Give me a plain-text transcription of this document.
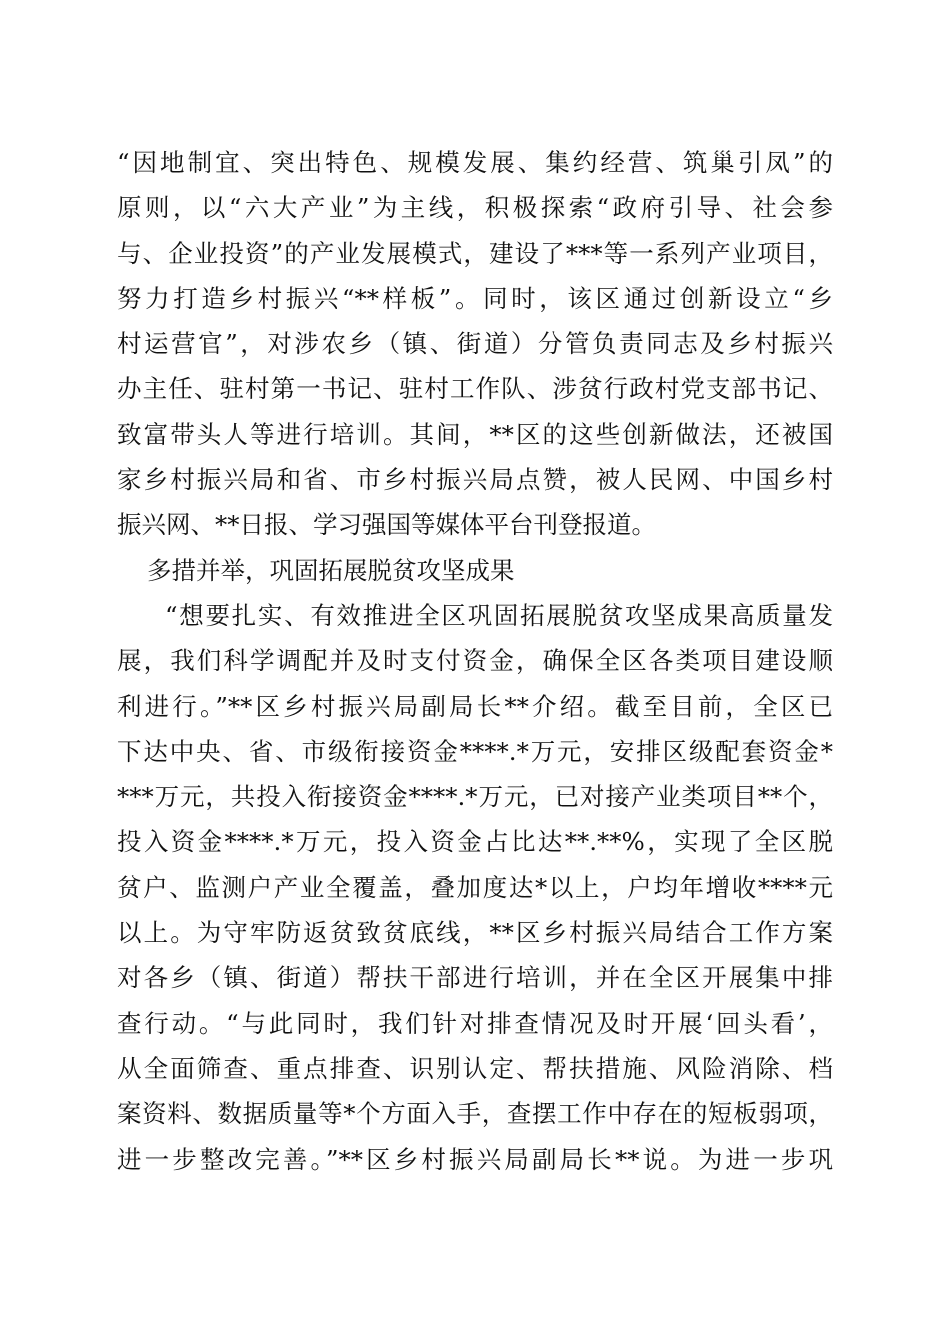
“因地制宜、突出特色、规模发展、集约经营、筑巢引凤”的
原则，以“六大产业”为主线，积极探索“政府引导、社会参
与、企业投资”的产业发展模式，建设了***等一系列产业项目，
努力打造乡村振兴“**样板”。同时，该区通过创新设立“乡
村运营官”，对涉农乡（镇、街道）分管负责同志及乡村振兴
办主任、驻村第一书记、驻村工作队、涉贫行政村党支部书记、
致富带头人等进行培训。其间，**区的这些创新做法，还被国
家乡村振兴局和省、市乡村振兴局点赞，被人民网、中国乡村
振兴网、**日报、学习强国等媒体平台刊登报道。
多措并举，巩固拓展脱贫攻坚成果
“想要扎实、有效推进全区巩固拓展脱贫攻坚成果高质量发
展，我们科学调配并及时支付资金，确保全区各类项目建设顺
利进行。”**区乡村振兴局副局长**介绍。截至目前，全区已
下达中央、省、市级衔接资金****.*万元，安排区级配套资金*
***万元，共投入衔接资金****.*万元，已对接产业类项目**个，
投入资金****.*万元，投入资金占比达**.**%，实现了全区脱
贫户、监测户产业全覆盖，叠加度达*以上，户均年增收****元
以上。为守牢防返贫致贫底线，**区乡村振兴局结合工作方案
对各乡（镇、街道）帮扶干部进行培训，并在全区开展集中排
查行动。“与此同时，我们针对排查情况及时开展‘回头看’，
从全面筛查、重点排查、识别认定、帮扶措施、风险消除、档
案资料、数据质量等*个方面入手，查摆工作中存在的短板弱项，
进一步整改完善。”**区乡村振兴局副局长**说。为进一步巩
